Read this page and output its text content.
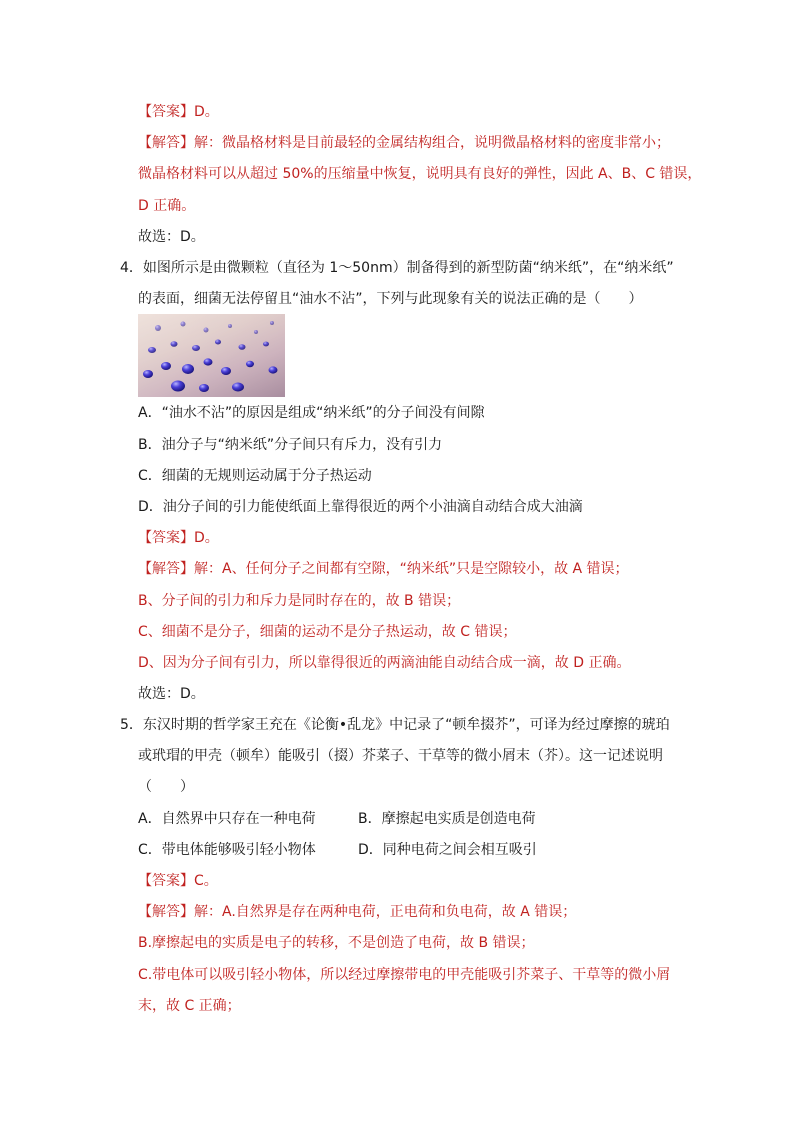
【答案】D。
【解答】解：微晶格材料是目前最轻的金属结构组合，说明微晶格材料的密度非常小；
微晶格材料可以从超过 50%的压缩量中恢复，说明具有良好的弹性，因此 A、B、C 错误，
D 正确。
故选：D。
4．如图所示是由微颗粒（直径为 1～50nm）制备得到的新型防菌“纳米纸”，在“纳米纸”
的表面，细菌无法停留且“油水不沾”，下列与此现象有关的说法正确的是（　　）
A．“油水不沾”的原因是组成“纳米纸”的分子间没有间隙
B．油分子与“纳米纸”分子间只有斥力，没有引力
C．细菌的无规则运动属于分子热运动
D．油分子间的引力能使纸面上靠得很近的两个小油滴自动结合成大油滴
【答案】D。
【解答】解：A、任何分子之间都有空隙，“纳米纸”只是空隙较小，故 A 错误；
B、分子间的引力和斥力是同时存在的，故 B 错误；
C、细菌不是分子，细菌的运动不是分子热运动，故 C 错误；
D、因为分子间有引力，所以靠得很近的两滴油能自动结合成一滴，故 D 正确。
故选：D。
5．东汉时期的哲学家王充在《论衡•乱龙》中记录了“顿牟掇芥”，可译为经过摩擦的琥珀
或玳瑁的甲壳（顿牟）能吸引（掇）芥菜子、干草等的微小屑末（芥）。这一记述说明
（　　）
A．自然界中只存在一种电荷	B．摩擦起电实质是创造电荷
C．带电体能够吸引轻小物体	D．同种电荷之间会相互吸引
【答案】C。
【解答】解：A.自然界是存在两种电荷，正电荷和负电荷，故 A 错误；
B.摩擦起电的实质是电子的转移，不是创造了电荷，故 B 错误；
C.带电体可以吸引轻小物体，所以经过摩擦带电的甲壳能吸引芥菜子、干草等的微小屑
末，故 C 正确；
